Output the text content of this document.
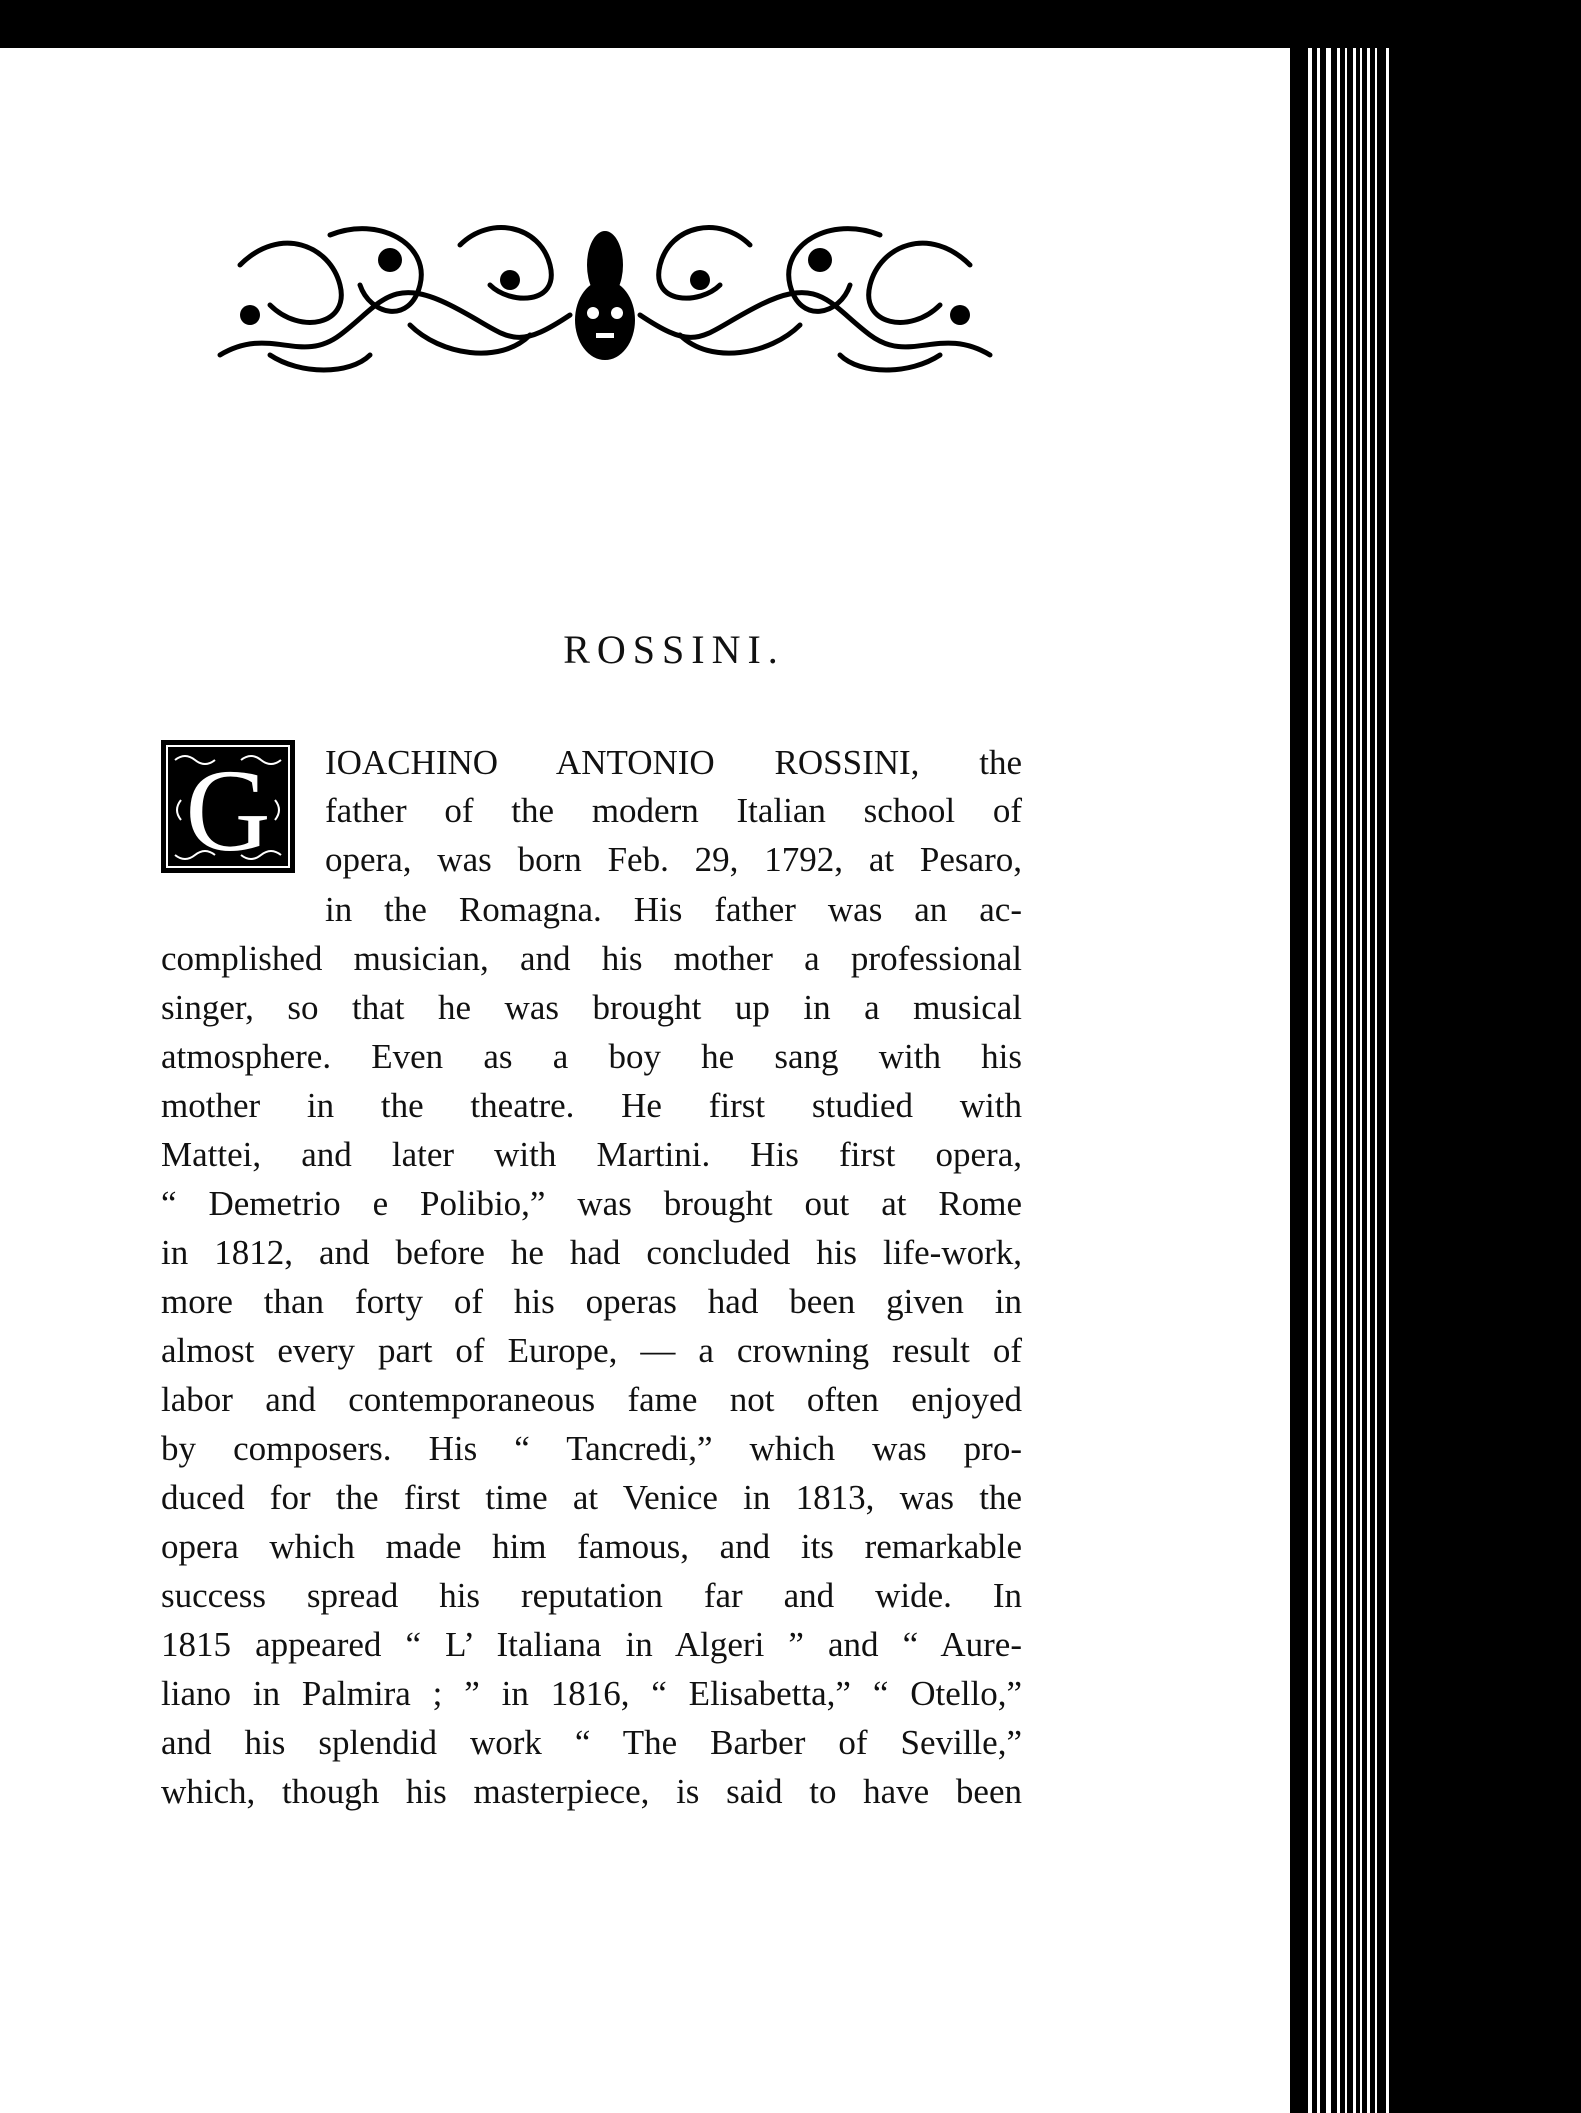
ROSSINI.
G IOACHINO ANTONIO ROSSINI, the

father of the modern Italian school of

opera, was born Feb. 29, 1792, at Pesaro,

in the Romagna. His father was an ac-

complished musician, and his mother a professional

singer, so that he was brought up in a musical

atmosphere. Even as a boy he sang with his

mother in the theatre. He first studied with

Mattei, and later with Martini. His first opera,

“ Demetrio e Polibio,” was brought out at Rome

in 1812, and before he had concluded his life-work,

more than forty of his operas had been given in

almost every part of Europe, — a crowning result of

labor and contemporaneous fame not often enjoyed

by composers. His “ Tancredi,” which was pro-

duced for the first time at Venice in 1813, was the

opera which made him famous, and its remarkable

success spread his reputation far and wide. In

1815 appeared “ L’ Italiana in Algeri ” and “ Aure-

liano in Palmira ; ” in 1816, “ Elisabetta,” “ Otello,”

and his splendid work “ The Barber of Seville,”

which, though his masterpiece, is said to have been
